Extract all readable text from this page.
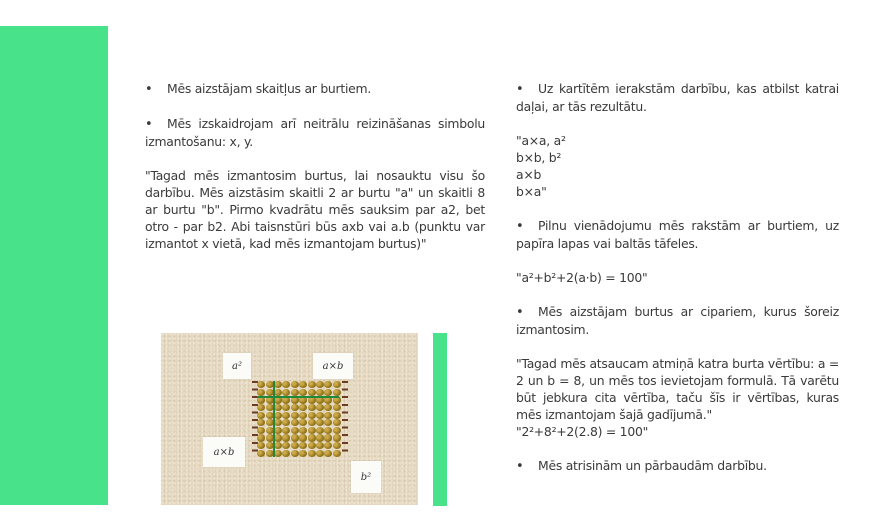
•Mēs aizstājam skaitļus ar burtiem.

•Mēs izskaidrojam arī neitrālu reizināšanas simbolu izmantošanu: x, y.

"Tagad mēs izmantosim burtus, lai nosauktu visu šo darbību. Mēs aizstāsim skaitli 2 ar burtu "a" un skaitli 8 ar burtu "b". Pirmo kvadrātu mēs sauksim par a2, bet otro - par b2. Abi taisnstūri būs axb vai a.b (punktu var izmantot x vietā, kad mēs izmantojam burtus)"

•Uz kartītēm ierakstām darbību, kas atbilst katrai daļai, ar tās rezultātu.

"a×a, a²
b×b, b²
a×b
b×a"

•Pilnu vienādojumu mēs rakstām ar burtiem, uz papīra lapas vai baltās tāfeles.

"a²+b²+2(a·b) = 100"

•Mēs aizstājam burtus ar cipariem, kurus šoreiz izmantosim.

"Tagad mēs atsaucam atmiņā katra burta vērtību: a = 2 un b = 8, un mēs tos ievietojam formulā. Tā varētu būt jebkura cita vērtība, taču šīs ir vērtības, kuras mēs izmantojam šajā gadījumā."

"2²+8²+2(2.8) = 100"

•Mēs atrisinām un pārbaudām darbību.

a²	a×b
a×b
b²
